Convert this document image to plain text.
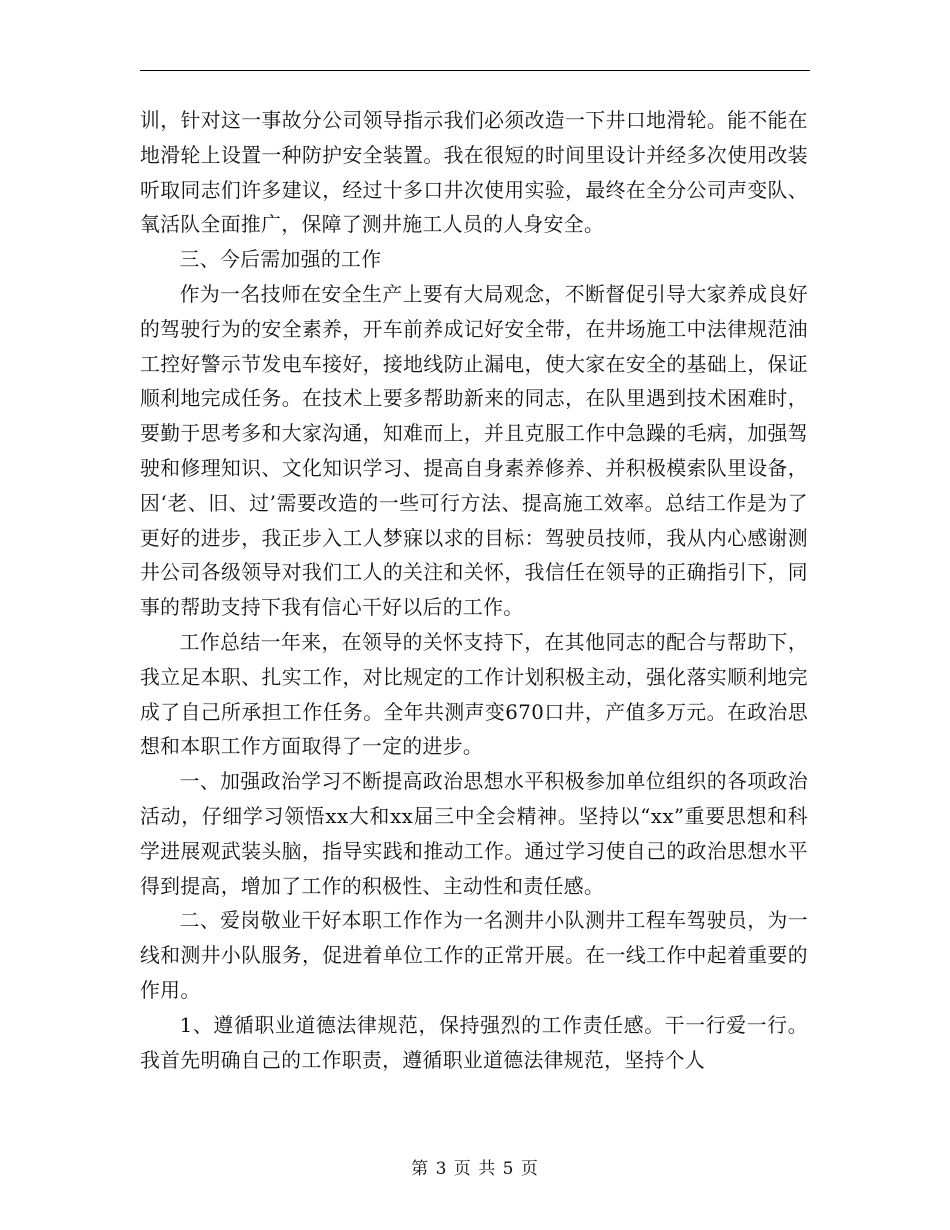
训，针对这一事故分公司领导指示我们必须改造一下井口地滑轮。能不能在地滑轮上设置一种防护安全装置。我在很短的时间里设计并经多次使用改装听取同志们许多建议，经过十多口井次使用实验，最终在全分公司声变队、氧活队全面推广，保障了测井施工人员的人身安全。

三、今后需加强的工作

作为一名技师在安全生产上要有大局观念，不断督促引导大家养成良好的驾驶行为的安全素养，开车前养成记好安全带，在井场施工中法律规范油工控好警示节发电车接好，接地线防止漏电，使大家在安全的基础上，保证顺利地完成任务。在技术上要多帮助新来的同志，在队里遇到技术困难时，要勤于思考多和大家沟通，知难而上，并且克服工作中急躁的毛病，加强驾驶和修理知识、文化知识学习、提高自身素养修养、并积极模索队里设备，因‘老、旧、过’需要改造的一些可行方法、提高施工效率。总结工作是为了更好的进步，我正步入工人梦寐以求的目标：驾驶员技师，我从内心感谢测井公司各级领导对我们工人的关注和关怀，我信任在领导的正确指引下，同事的帮助支持下我有信心干好以后的工作。

工作总结一年来，在领导的关怀支持下，在其他同志的配合与帮助下，我立足本职、扎实工作，对比规定的工作计划积极主动，强化落实顺利地完成了自己所承担工作任务。全年共测声变670口井，产值多万元。在政治思想和本职工作方面取得了一定的进步。

一、加强政治学习不断提高政治思想水平积极参加单位组织的各项政治活动，仔细学习领悟xx大和xx届三中全会精神。坚持以“xx”重要思想和科学进展观武装头脑，指导实践和推动工作。通过学习使自己的政治思想水平得到提高，增加了工作的积极性、主动性和责任感。

二、爱岗敬业干好本职工作作为一名测井小队测井工程车驾驶员，为一线和测井小队服务，促进着单位工作的正常开展。在一线工作中起着重要的作用。

1、遵循职业道德法律规范，保持强烈的工作责任感。干一行爱一行。我首先明确自己的工作职责，遵循职业道德法律规范，坚持个人

第 3 页 共 5 页
